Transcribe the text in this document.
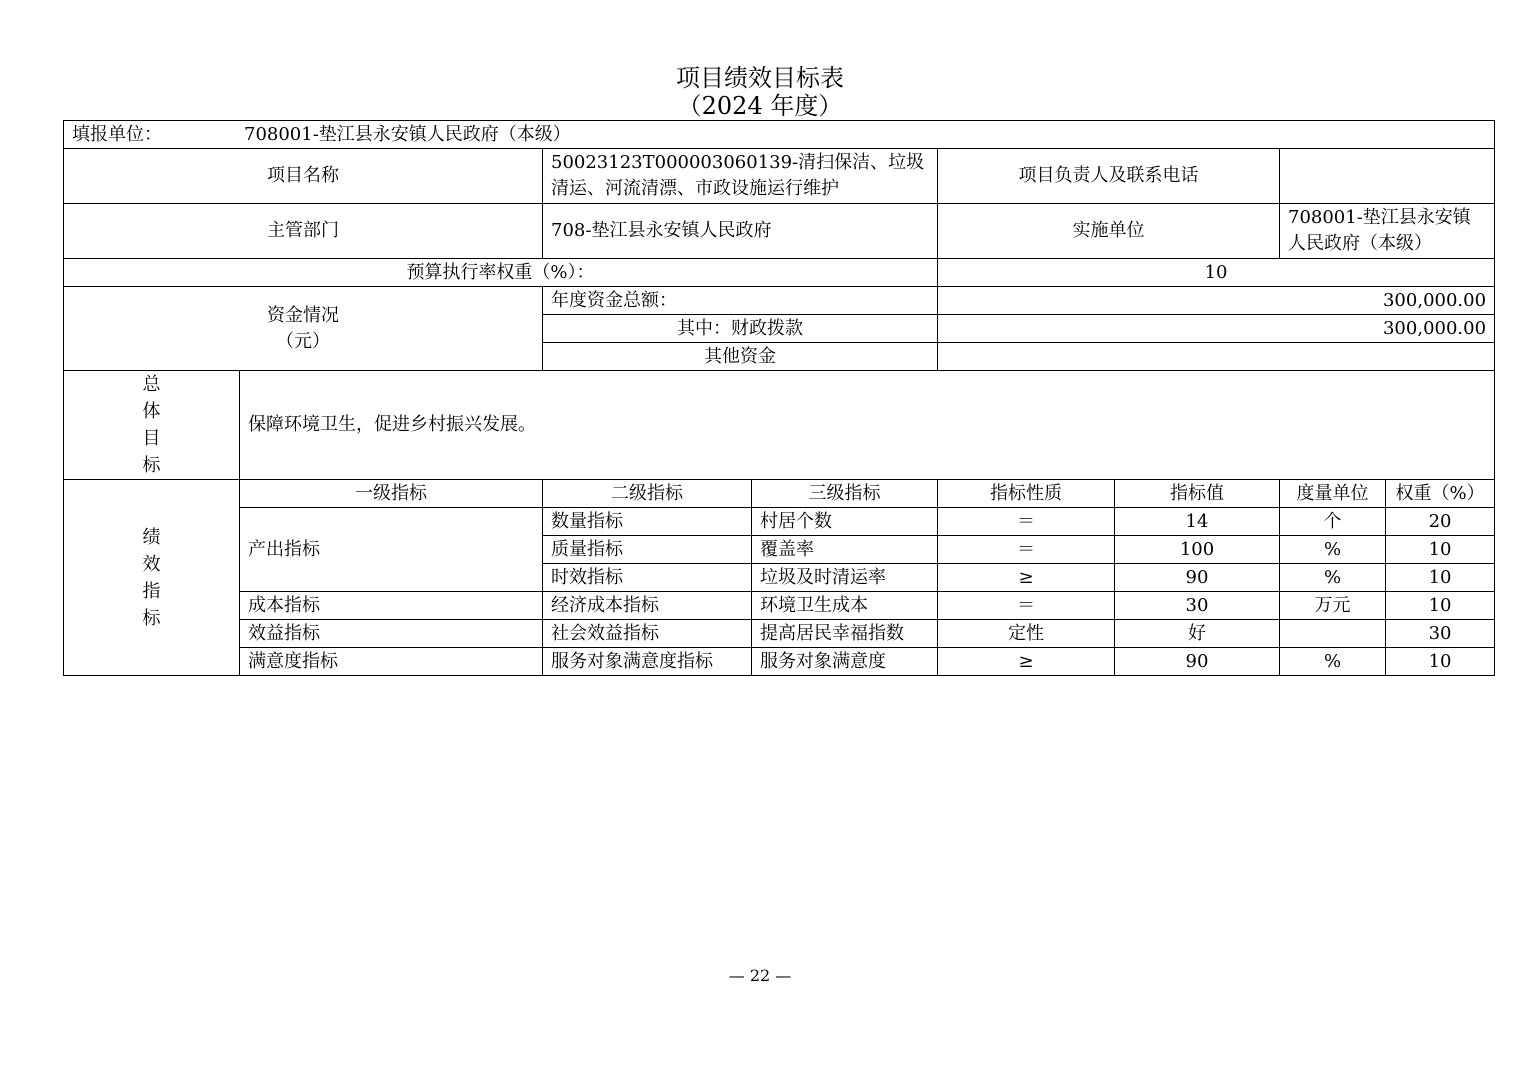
项目绩效目标表
（2024 年度）
填报单位： 708001-垫江县永安镇人民政府（本级）							
项目名称		50023123T000003060139-清扫保洁、垃圾清运、河流清漂、市政设施运行维护		项目负责人及联系电话			
主管部门		708-垫江县永安镇人民政府		实施单位		708001-垫江县永安镇人民政府（本级）	
预算执行率权重（%）：				10			

资金情况
（元）		年度资金总额：		300,000.00			
		其中：财政拨款		300,000.00			
		其他资金					

总
体
目
标	保障环境卫生，促进乡村振兴发展。						

绩
效
指
标	一级指标	二级指标	三级指标	指标性质	指标值	度量单位	权重（%）
	产出指标	数量指标	村居个数	＝	14	个	20
		质量指标	覆盖率	＝	100	%	10
		时效指标	垃圾及时清运率	≥	90	%	10
	成本指标	经济成本指标	环境卫生成本	＝	30	万元	10
	效益指标	社会效益指标	提高居民幸福指数	定性	好		30
	满意度指标	服务对象满意度指标	服务对象满意度	≥	90	%	10
— 22 —
